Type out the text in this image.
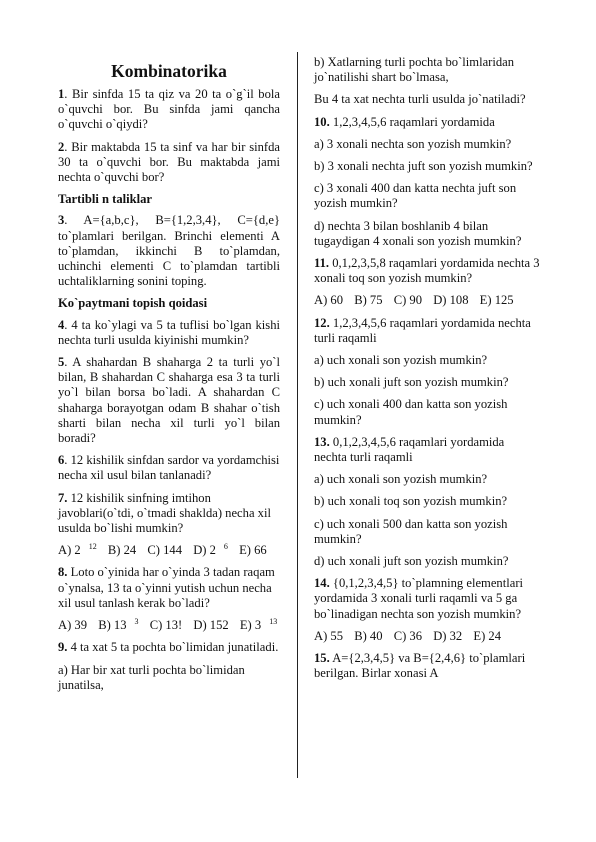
Kombinatorika

1. Bir sinfda 15 ta qiz va 20 ta o`g`il bola o`quvchi bor. Bu sinfda jami qancha o`quvchi o`qiydi?

2. Bir maktabda 15 ta sinf va har bir sinfda 30 ta o`quvchi bor. Bu maktabda jami nechta o`quvchi bor?

Tartibli n taliklar

3. A={a,b,c}, B={1,2,3,4}, C={d,e} to`plamlari berilgan. Brinchi elementi A to`plamdan, ikkinchi B to`plamdan, uchinchi elementi C to`plamdan tartibli uchtaliklarning sonini toping.

Ko`paytmani topish qoidasi

4. 4 ta ko`ylagi va 5 ta tuflisi bo`lgan kishi nechta turli usulda kiyinishi mumkin?

5. A shahardan B shaharga 2 ta turli yo`l bilan, B shahardan C shaharga esa 3 ta turli yo`l bilan borsa bo`ladi. A shahardan C shaharga borayotgan odam B shahar o`tish sharti bilan necha xil turli yo`l bilan boradi?

6. 12 kishilik sinfdan sardor va yordamchisi necha xil usul bilan tanlanadi?

7. 12 kishilik sinfning imtihon javoblari(o`tdi, o`tmadi shaklda) necha xil usulda bo`lishi mumkin?

A) 2 $^{12}$ B) 24 C) 144 D) 2 $^6$ E) 66

8. Loto o`yinida har o`yinda 3 tadan raqam o`ynalsa, 13 ta o`yinni yutish uchun necha xil usul tanlash kerak bo`ladi?

A) 39 B) 13 $^3$ C) 13! D) 152 E) 3 $^{13}$

9. 4 ta xat 5 ta pochta bo`limidan junatiladi.

a) Har bir xat turli pochta bo`limidan junatilsa,

b) Xatlarning turli pochta bo`limlaridan jo`natilishi shart bo`lmasa,

Bu 4 ta xat nechta turli usulda jo`natiladi?

10. 1,2,3,4,5,6 raqamlari yordamida

a) 3 xonali nechta son yozish mumkin?

b) 3 xonali nechta juft son yozish mumkin?

c) 3 xonali 400 dan katta nechta juft son yozish mumkin?

d) nechta 3 bilan boshlanib 4 bilan tugaydigan 4 xonali son yozish mumkin?

11. 0,1,2,3,5,8 raqamlari yordamida nechta 3 xonali toq son yozish mumkin?

A) 60 B) 75 C) 90 D) 108 E) 125

12. 1,2,3,4,5,6 raqamlari yordamida nechta turli raqamli

a) uch xonali son yozish mumkin?

b) uch xonali juft son yozish mumkin?

c) uch xonali 400 dan katta son yozish mumkin?

13. 0,1,2,3,4,5,6 raqamlari yordamida nechta turli raqamli

a) uch xonali son yozish mumkin?

b) uch xonali toq son yozish mumkin?

c) uch xonali 500 dan katta son yozish mumkin?

d) uch xonali juft son yozish mumkin?

14. {0,1,2,3,4,5} to`plamning elementlari yordamida 3 xonali turli raqamli va 5 ga bo`linadigan nechta son yozish mumkin?

A) 55 B) 40 C) 36 D) 32 E) 24

15. A={2,3,4,5} va B={2,4,6} to`plamlari berilgan. Birlar xonasi A
